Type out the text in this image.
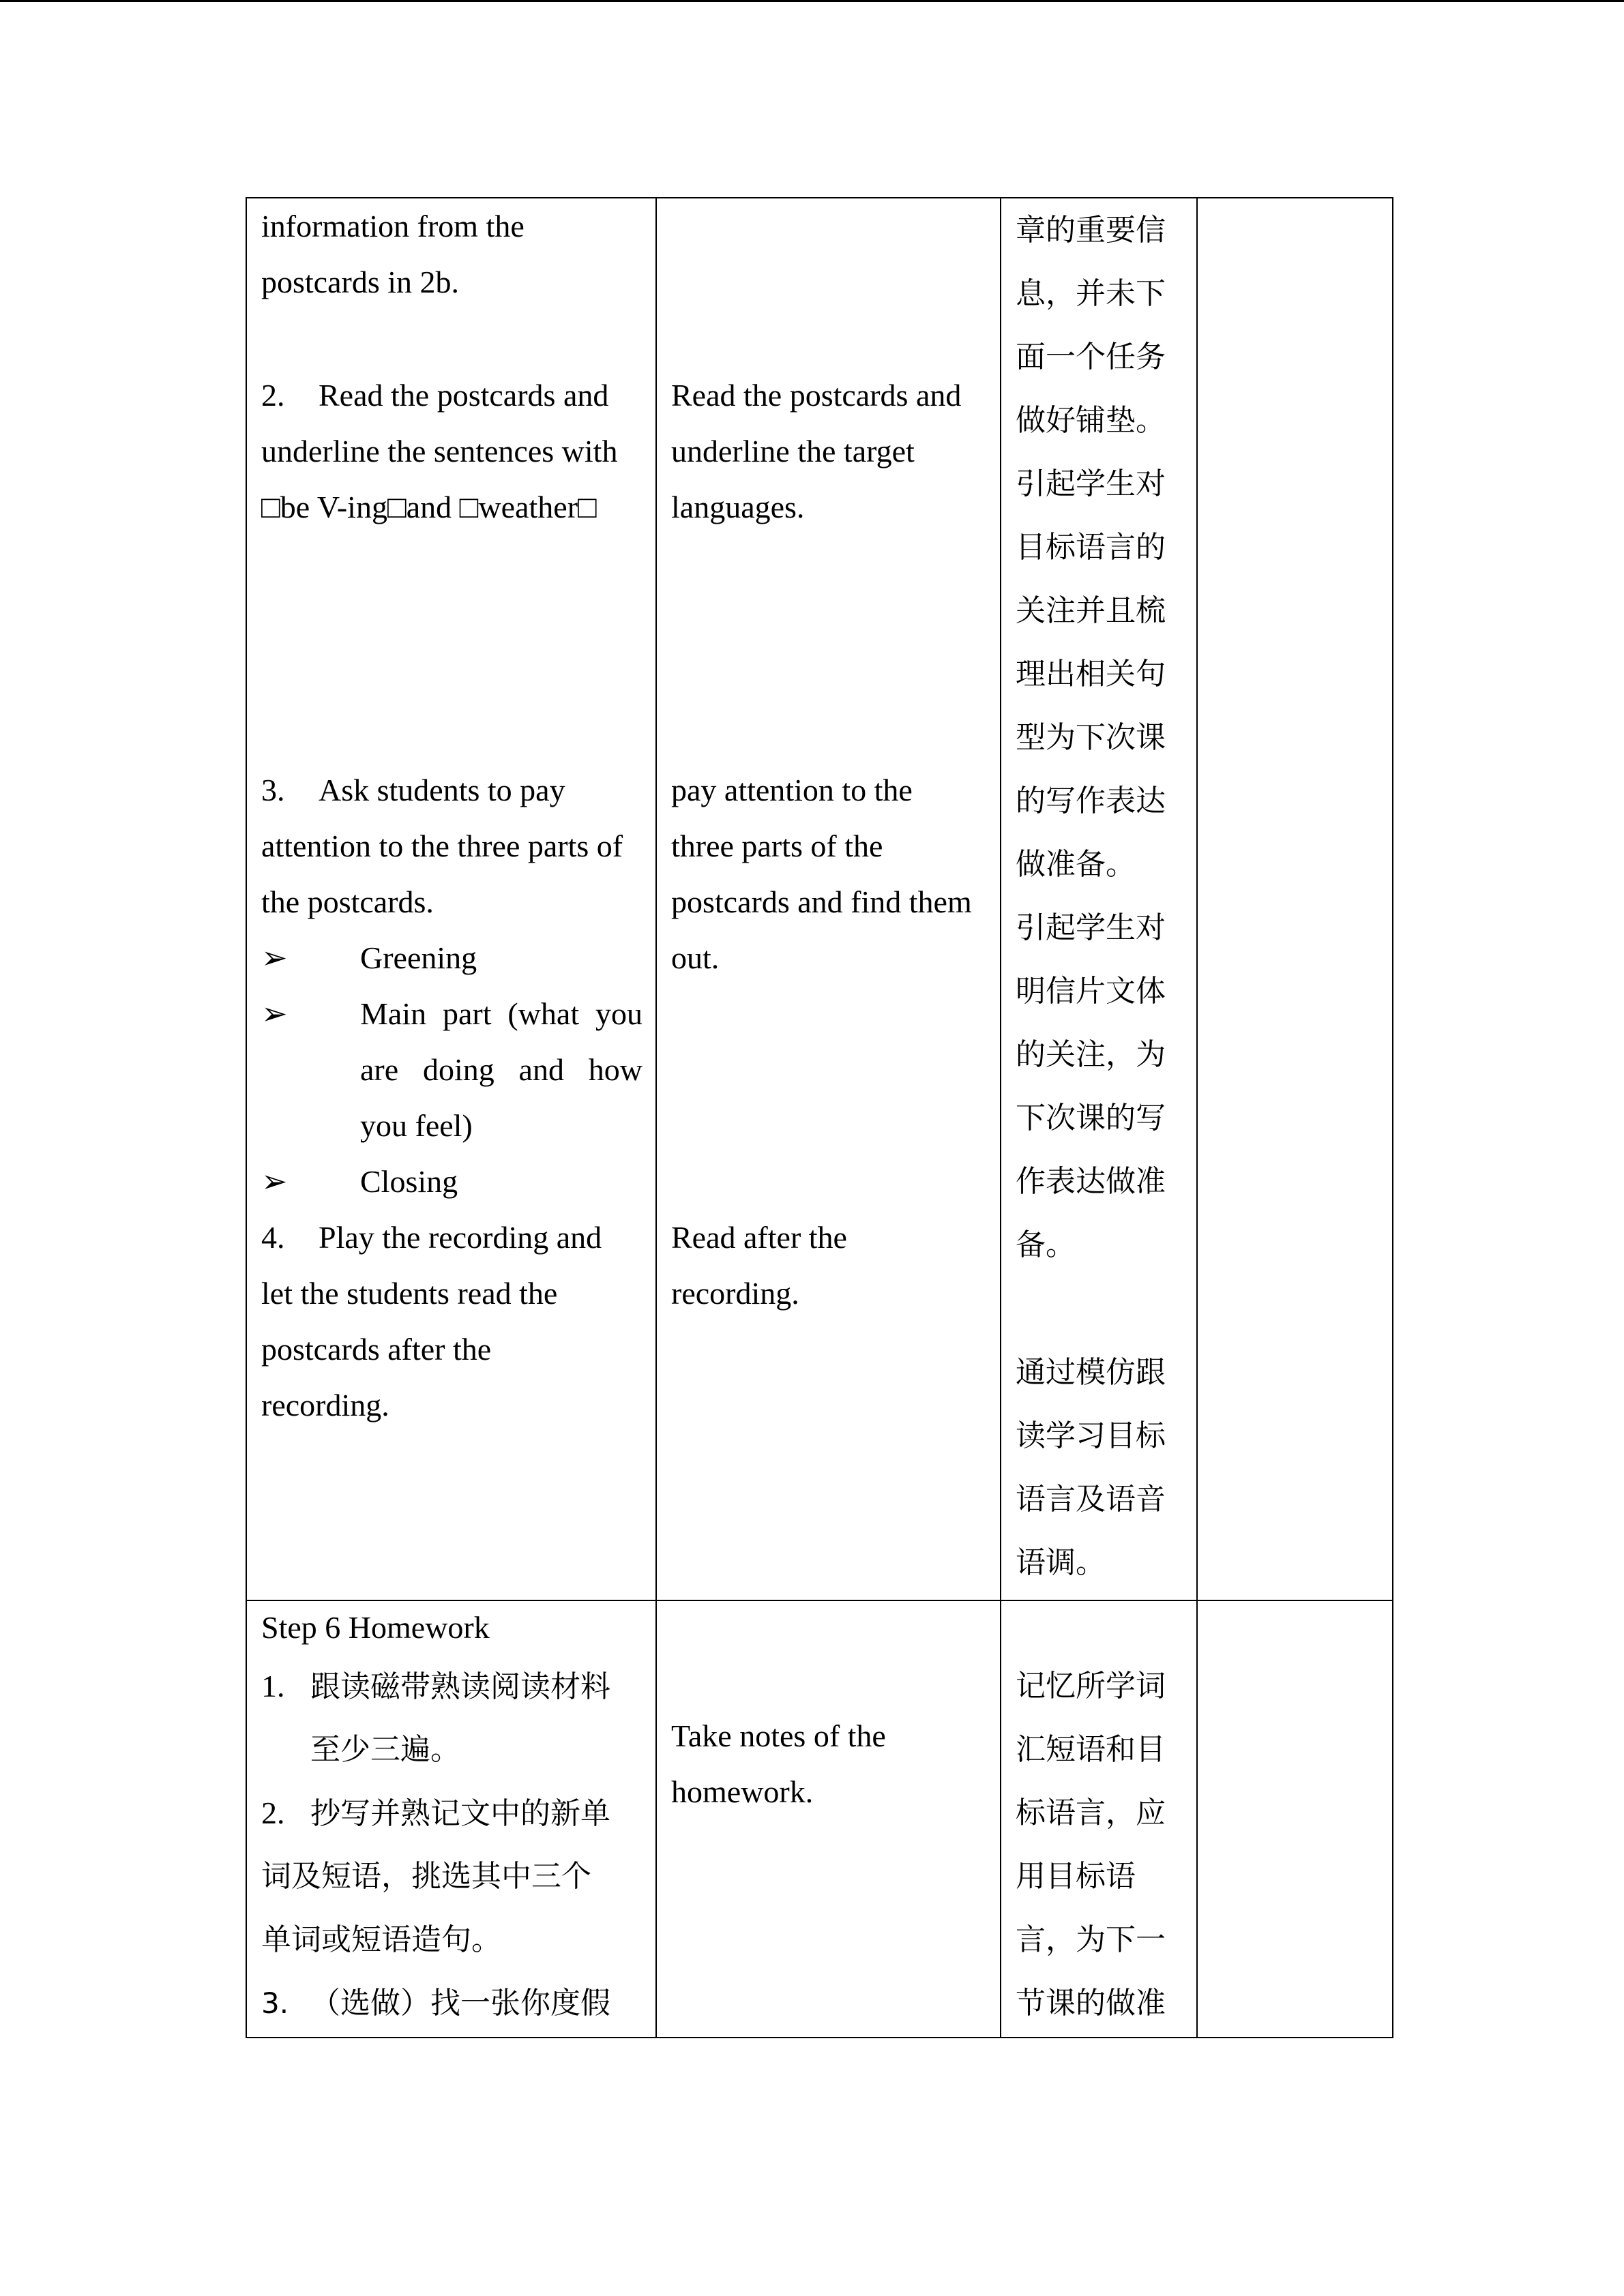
information from the
postcards in 2b.
2. Read the postcards and
underline the sentences with
□be V-ing□and □weather□
3. Ask students to pay
attention to the three parts of
the postcards.
➢ Greening
➢ Main part (what you
are doing and how
you feel)
➢ Closing
4. Play the recording and
let the students read the
postcards after the
recording.
Read the postcards and
underline the target
languages.
pay attention to the
three parts of the
postcards and find them
out.
Read after the
recording.
章的重要信
息，并未下
面一个任务
做好铺垫。
引起学生对
目标语言的
关注并且梳
理出相关句
型为下次课
的写作表达
做准备。
引起学生对
明信片文体
的关注，为
下次课的写
作表达做准
备。
通过模仿跟
读学习目标
语言及语音
语调。
Step 6 Homework
1. 跟读磁带熟读阅读材料
至少三遍。
2. 抄写并熟记文中的新单
词及短语，挑选其中三个
单词或短语造句。
3. （选做）找一张你度假
Take notes of the
homework.
记忆所学词
汇短语和目
标语言，应
用目标语
言，为下一
节课的做准
